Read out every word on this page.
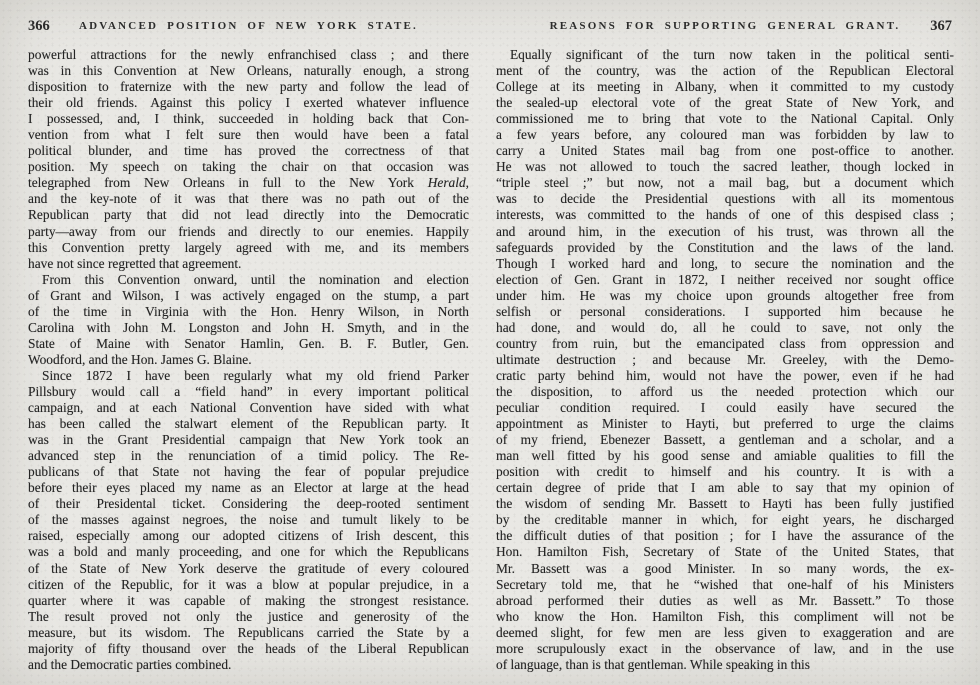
366	ADVANCED POSITION OF NEW YORK STATE.
powerful attractions for the newly enfranchised class ; and there
was in this Convention at New Orleans, naturally enough, a strong
disposition to fraternize with the new party and follow the lead of
their old friends. Against this policy I exerted whatever influence
I possessed, and, I think, succeeded in holding back that Con-
vention from what I felt sure then would have been a fatal
political blunder, and time has proved the correctness of that
position. My speech on taking the chair on that occasion was
telegraphed from New Orleans in full to the New York Herald,
and the key-note of it was that there was no path out of the
Republican party that did not lead directly into the Democratic
party—away from our friends and directly to our enemies. Happily
this Convention pretty largely agreed with me, and its members
have not since regretted that agreement.
From this Convention onward, until the nomination and election
of Grant and Wilson, I was actively engaged on the stump, a part
of the time in Virginia with the Hon. Henry Wilson, in North
Carolina with John M. Longston and John H. Smyth, and in the
State of Maine with Senator Hamlin, Gen. B. F. Butler, Gen.
Woodford, and the Hon. James G. Blaine.
Since 1872 I have been regularly what my old friend Parker
Pillsbury would call a “field hand” in every important political
campaign, and at each National Convention have sided with what
has been called the stalwart element of the Republican party. It
was in the Grant Presidential campaign that New York took an
advanced step in the renunciation of a timid policy. The Re-
publicans of that State not having the fear of popular prejudice
before their eyes placed my name as an Elector at large at the head
of their Presidental ticket. Considering the deep-rooted sentiment
of the masses against negroes, the noise and tumult likely to be
raised, especially among our adopted citizens of Irish descent, this
was a bold and manly proceeding, and one for which the Republicans
of the State of New York deserve the gratitude of every coloured
citizen of the Republic, for it was a blow at popular prejudice, in a
quarter where it was capable of making the strongest resistance.
The result proved not only the justice and generosity of the
measure, but its wisdom. The Republicans carried the State by a
majority of fifty thousand over the heads of the Liberal Republican
and the Democratic parties combined.
REASONS FOR SUPPORTING GENERAL GRANT.	367
Equally significant of the turn now taken in the political senti-
ment of the country, was the action of the Republican Electoral
College at its meeting in Albany, when it committed to my custody
the sealed-up electoral vote of the great State of New York, and
commissioned me to bring that vote to the National Capital. Only
a few years before, any coloured man was forbidden by law to
carry a United States mail bag from one post-office to another.
He was not allowed to touch the sacred leather, though locked in
“triple steel ;” but now, not a mail bag, but a document which
was to decide the Presidential questions with all its momentous
interests, was committed to the hands of one of this despised class ;
and around him, in the execution of his trust, was thrown all the
safeguards provided by the Constitution and the laws of the land.
Though I worked hard and long, to secure the nomination and the
election of Gen. Grant in 1872, I neither received nor sought office
under him. He was my choice upon grounds altogether free from
selfish or personal considerations. I supported him because he
had done, and would do, all he could to save, not only the
country from ruin, but the emancipated class from oppression and
ultimate destruction ; and because Mr. Greeley, with the Demo-
cratic party behind him, would not have the power, even if he had
the disposition, to afford us the needed protection which our
peculiar condition required. I could easily have secured the
appointment as Minister to Hayti, but preferred to urge the claims
of my friend, Ebenezer Bassett, a gentleman and a scholar, and a
man well fitted by his good sense and amiable qualities to fill the
position with credit to himself and his country. It is with a
certain degree of pride that I am able to say that my opinion of
the wisdom of sending Mr. Bassett to Hayti has been fully justified
by the creditable manner in which, for eight years, he discharged
the difficult duties of that position ; for I have the assurance of the
Hon. Hamilton Fish, Secretary of State of the United States, that
Mr. Bassett was a good Minister. In so many words, the ex-
Secretary told me, that he “wished that one-half of his Ministers
abroad performed their duties as well as Mr. Bassett.” To those
who know the Hon. Hamilton Fish, this compliment will not be
deemed slight, for few men are less given to exaggeration and are
more scrupulously exact in the observance of law, and in the use
of language, than is that gentleman. While speaking in this
